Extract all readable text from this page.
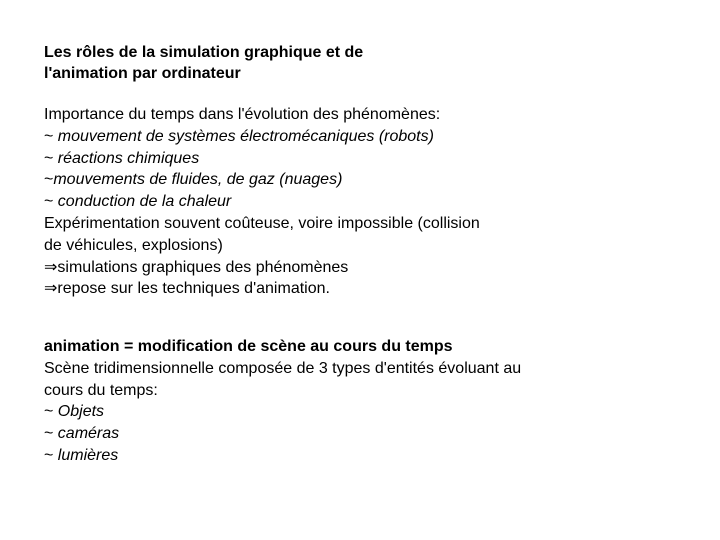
Les rôles de la simulation graphique et de
l'animation par ordinateur
Importance du temps dans l'évolution des phénomènes:
~ mouvement de systèmes électromécaniques (robots)
~ réactions chimiques
~mouvements de fluides, de gaz (nuages)
~ conduction de la chaleur
Expérimentation souvent coûteuse, voire impossible (collision
de véhicules, explosions)
⇒simulations graphiques des phénomènes
⇒repose sur les techniques d'animation.
animation = modification de scène au cours du temps
Scène tridimensionnelle composée de 3 types d'entités évoluant au
cours du temps:
~ Objets
~ caméras
~ lumières
